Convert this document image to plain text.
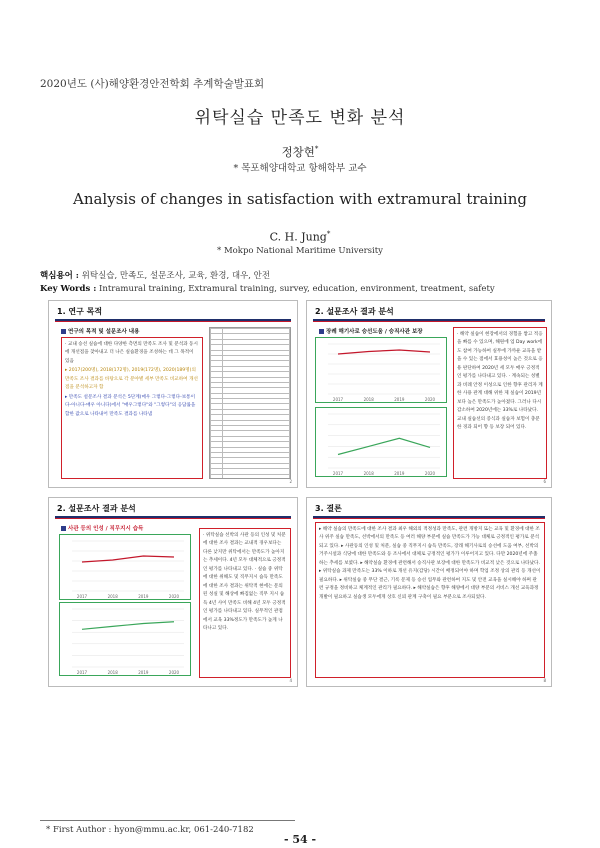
2020년도 (사)해양환경안전학회 추계학술발표회
위탁실습 만족도 변화 분석
정창현*
* 목포해양대학교 항해학부 교수
Analysis of changes in satisfaction with extramural training
C. H. Jung*
* Mokpo National Maritime University
핵심용어 : 위탁실습, 만족도, 설문조사, 교육, 환경, 대우, 안전
Key Words : Intramural training, Extramural training, survey, education, environment, treatment, safety
1. 연구 목적
연구의 목적 및 설문조사 내용

· 교내 승선 실습에 대한 다양한 측면의 만족도 조사 및 분석과 동시에 개선점을 찾아내고 더 나은 실습환경을 조성하는 데 그 목적이 있음

▸ 2017(200명), 2018(172명), 2019(172명), 2020(189명)의 만족도 조사 결과를 바탕으로 각 분야별 세부 만족도 비교하여 개선 점을 분석하고자 함

▸ 만족도 설문조사 결과 분석은 5단계(매우 그렇다-그렇다-보통이다-아니다-매우 아니다)에서 "매우그렇다"와 "그렇다"의 응답률을 합한 값으로 나타내어 만족도 결과를 나타냄

2
2. 설문조사 결과 분석
장례 해기사로 승선도움 / 승직사관 보장
2017	2018	2019	2020
2017	2018	2019	2020

· 해약 실습이 현장에서의 경험을 쌓고 적응을 빠를 수 있으며, 해원에 업 Day work에도 참여 가능하여 실무에 가까운 교육을 받을 수 있는 점에서 효용성이 높은 것으로 응용 판단하여 2020년 세 모두 매우 긍정적인 평가를 나타내고 있다. · 계속되는 성별과 비례 안정 이성으로 인한 향후 관리자 계 한 사용 관계 대해 위한 제 실습이 2019년보다 높은 만족도가 높아졌다. 그러나 다시 감소하여 2020년에는 33%로 나타났다. 교내 실습선의 증식과 실습자 보험이 충분한 경과 되어 향 등 보장 되어 있다.

6
2. 설문조사 결과 분석
사관 등의 인성 / 직무지시 습득
2017	2018	2019	2020
2017	2018	2019	2020

· 위탁실습 선박의 사관 등의 인성 및 처분에 대한 조사 결과는 교내적 경우보다는 다른 낮지만 위탁에서는 만족도가 높아지는 추세이다. 4년 모두 대체적으로 긍정적인 평가를 나타내고 있다. · 실습 중 위탁에 대한 위해도 및 직무지시 습득 만족도에 대한 조사 결과는 위탁적 현에는 문의된 성실 및 해상에 빠짐없는 직무 지시 습득 4년 사이 만족도 비해 4년 모두 긍정적인 평가를 나타내고 있다. 실무적인 관점에서 교육 33%정도가 만족도가 높게 나타나고 있다.

4
3. 결론

▸ 해약 실습의 만족도에 대한 조사 결과 최우 해외의 적정성과 만족도, 관련 개방지 또는 교육 및 환경에 대한 조사 위주 실습 만족도, 선박에서의 만족도 등 여러 해양 부분에 실습 만족도가 가능 대체로 긍정적인 평가로 분석되고 있다. ▸ 사관등의 인성 및 처분, 실습 중 직무지시 습득 만족도, 장래 해기사로의 승선에 도움 여부, 선박의 거주시설과 식당에 대한 만족도와 등 조사에서 대체로 긍정적인 평가가 이루어지고 있다. 다만 2020년에 주춤하는 추세를 보였다. ▸ 해약실습 환경에 관련해서 승직사관 보장에 대한 만족도가 비교적 낮은 것으로 나타났다. ▸ 위탁실습 과제 만족도는 33% 이하로 개선 유지(감당) 시간이 배정되어야 하며 학업 조정 상의 관리 등 개선이 필요하다. ▸ 위탁실습 중 무단 결근, 기록 문제 등 승선 업무와 관련하여 지도 및 안전 교육을 실시해야 하며 관련 규정을 정비하고 체계적인 관리가 필요하다. ▸ 해약실습은 향후 해양에서 대양 부분의 서비스 개선 교육과정 개발이 필요하고 실습생 모두에게 상호 신뢰 관계 구축이 필요 부분으로 조사되었다.

8
* First Author : hyon@mmu.ac.kr, 061-240-7182
- 54 -
